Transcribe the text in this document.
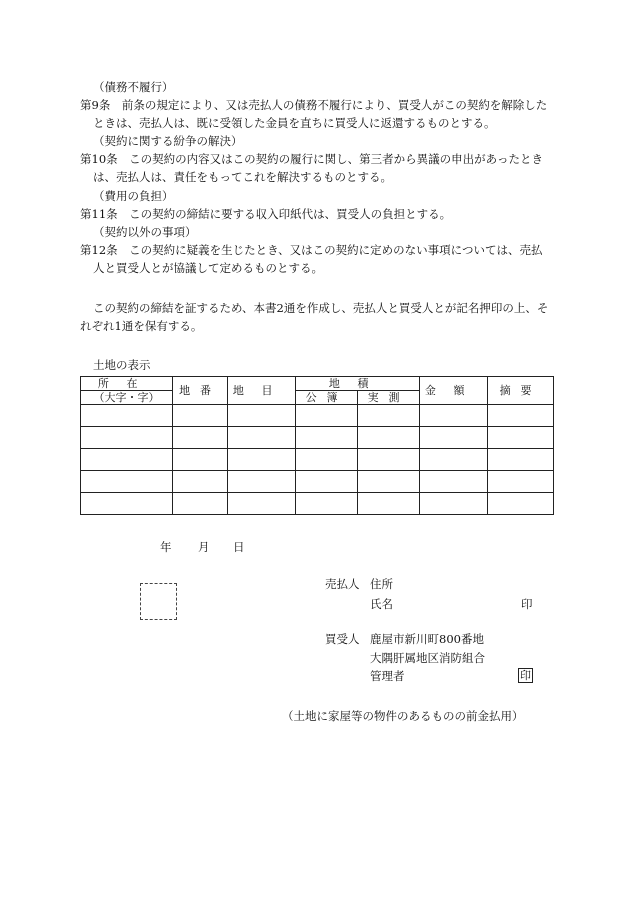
（債務不履行）
第9条　前条の規定により、又は売払人の債務不履行により、買受人がこの契約を解除した
ときは、売払人は、既に受領した金員を直ちに買受人に返還するものとする。
（契約に関する紛争の解決）
第10条　この契約の内容又はこの契約の履行に関し、第三者から異議の申出があったとき
は、売払人は、責任をもってこれを解決するものとする。
（費用の負担）
第11条　この契約の締結に要する収入印紙代は、買受人の負担とする。
（契約以外の事項）
第12条　この契約に疑義を生じたとき、又はこの契約に定めのない事項については、売払
人と買受人とが協議して定めるものとする。
この契約の締結を証するため、本書2通を作成し、売払人と買受人とが記名押印の上、そ
れぞれ1通を保有する。
土地の表示
所在	地番	地目	地積		金額	摘要
（大字・字）			公簿	実測		

年 月 日
売払人 住所
氏名	印
買受人 鹿屋市新川町800番地
大隅肝属地区消防組合
管理者	印
（土地に家屋等の物件のあるものの前金払用）
